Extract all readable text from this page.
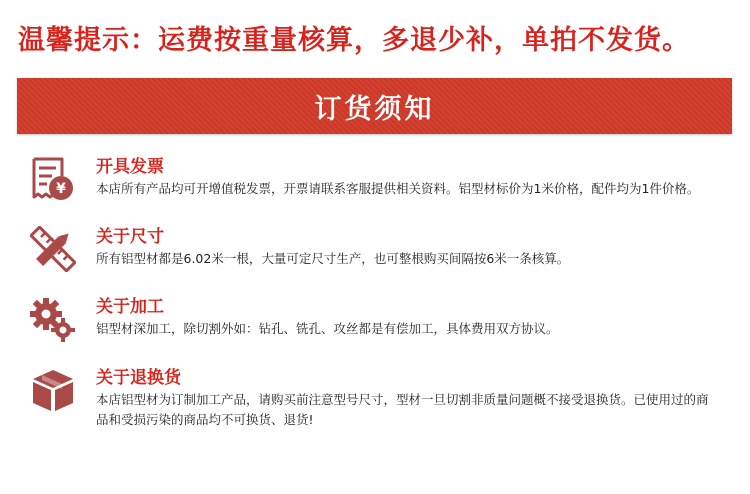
温馨提示：运费按重量核算，多退少补，单拍不发货。
订货须知
¥
开具发票
本店所有产品均可开增值税发票，开票请联系客服提供相关资料。铝型材标价为1米价格，配件均为1件价格。
关于尺寸
所有铝型材都是6.02米一根，大量可定尺寸生产，也可整根购买间隔按6米一条核算。
关于加工
铝型材深加工，除切割外如：钻孔、铣孔、攻丝都是有偿加工，具体费用双方协议。
关于退换货
本店铝型材为订制加工产品，请购买前注意型号尺寸，型材一旦切割非质量问题概不接受退换货。已使用过的商品和受损污染的商品均不可换货、退货!
